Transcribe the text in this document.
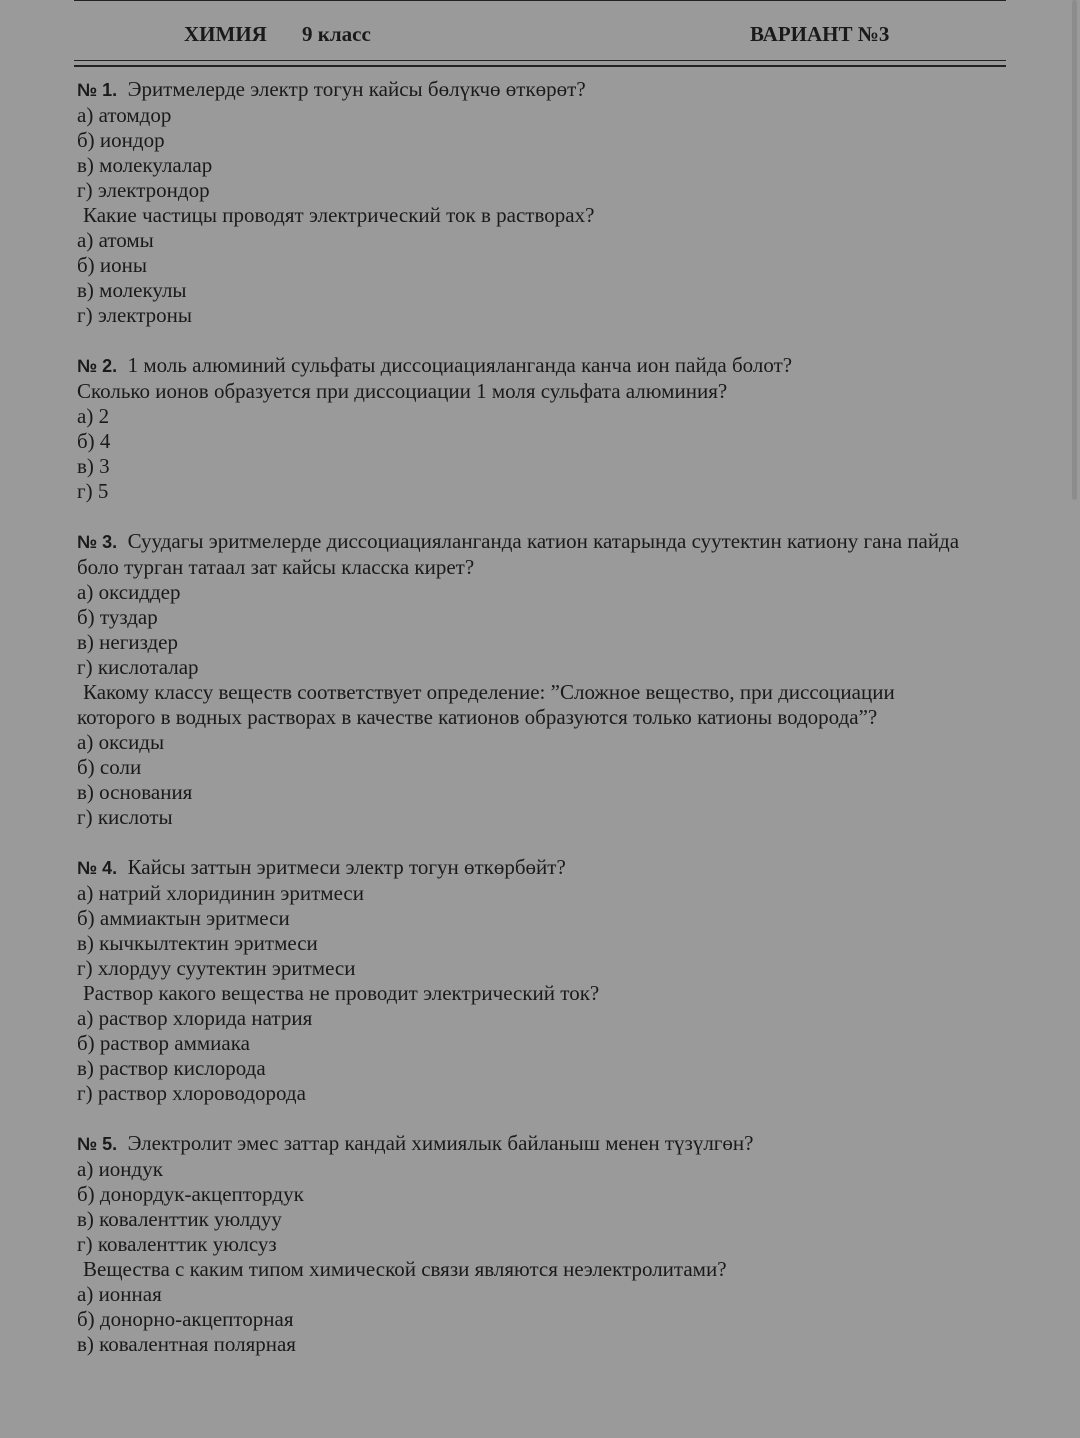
ХИМИЯ 9 класс	ВАРИАНТ №3
№ 1. Эритмелерде электр тогун кайсы бөлүкчө өткөрөт?
а) атомдор
б) иондор
в) молекулалар
г) электрондор
Какие частицы проводят электрический ток в растворах?
а) атомы
б) ионы
в) молекулы
г) электроны
№ 2. 1 моль алюминий сульфаты диссоциацияланганда канча ион пайда болот?
Сколько ионов образуется при диссоциации 1 моля сульфата алюминия?
а) 2
б) 4
в) 3
г) 5
№ 3. Суудагы эритмелерде диссоциацияланганда катион катарында суутектин катиону гана пайда
боло турган татаал зат кайсы класска кирет?
а) оксиддер
б) туздар
в) негиздер
г) кислоталар
Какому классу веществ соответствует определение: ”Сложное вещество, при диссоциации
которого в водных растворах в качестве катионов образуются только катионы водорода”?
а) оксиды
б) соли
в) основания
г) кислоты
№ 4. Кайсы заттын эритмеси электр тогун өткөрбөйт?
а) натрий хлоридинин эритмеси
б) аммиактын эритмеси
в) кычкылтектин эритмеси
г) хлордуу суутектин эритмеси
Раствор какого вещества не проводит электрический ток?
а) раствор хлорида натрия
б) раствор аммиака
в) раствор кислорода
г) раствор хлороводорода
№ 5. Электролит эмес заттар кандай химиялык байланыш менен түзүлгөн?
а) иондук
б) донордук-акцептордук
в) коваленттик уюлдуу
г) коваленттик уюлсуз
Вещества с каким типом химической связи являются неэлектролитами?
а) ионная
б) донорно-акцепторная
в) ковалентная полярная
